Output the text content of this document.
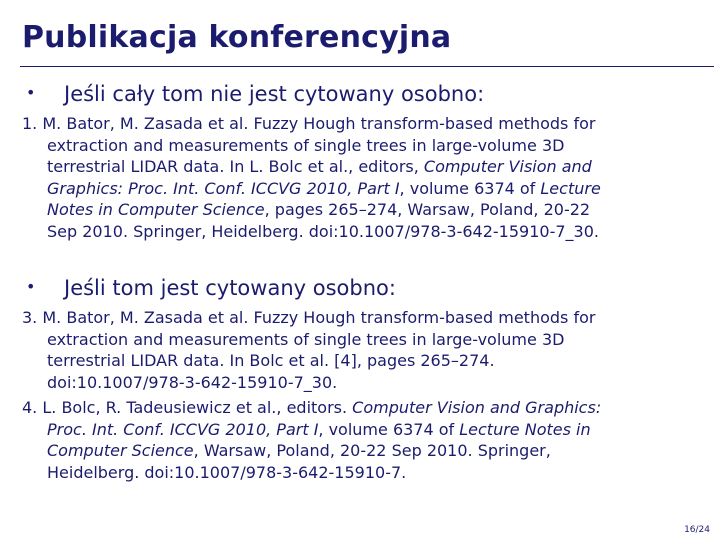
Publikacja konferencyjna
• Jeśli cały tom nie jest cytowany osobno:
1. M. Bator, M. Zasada et al. Fuzzy Hough transform-based methods for
extraction and measurements of single trees in large-volume 3D
terrestrial LIDAR data. In L. Bolc et al., editors, Computer Vision and
Graphics: Proc. Int. Conf. ICCVG 2010, Part I, volume 6374 of Lecture
Notes in Computer Science, pages 265–274, Warsaw, Poland, 20-22
Sep 2010. Springer, Heidelberg. doi:10.1007/978-3-642-15910-7_30.
• Jeśli tom jest cytowany osobno:
3. M. Bator, M. Zasada et al. Fuzzy Hough transform-based methods for
extraction and measurements of single trees in large-volume 3D
terrestrial LIDAR data. In Bolc et al. [4], pages 265–274.
doi:10.1007/978-3-642-15910-7_30.
4. L. Bolc, R. Tadeusiewicz et al., editors. Computer Vision and Graphics:
Proc. Int. Conf. ICCVG 2010, Part I, volume 6374 of Lecture Notes in
Computer Science, Warsaw, Poland, 20-22 Sep 2010. Springer,
Heidelberg. doi:10.1007/978-3-642-15910-7.
16/24
